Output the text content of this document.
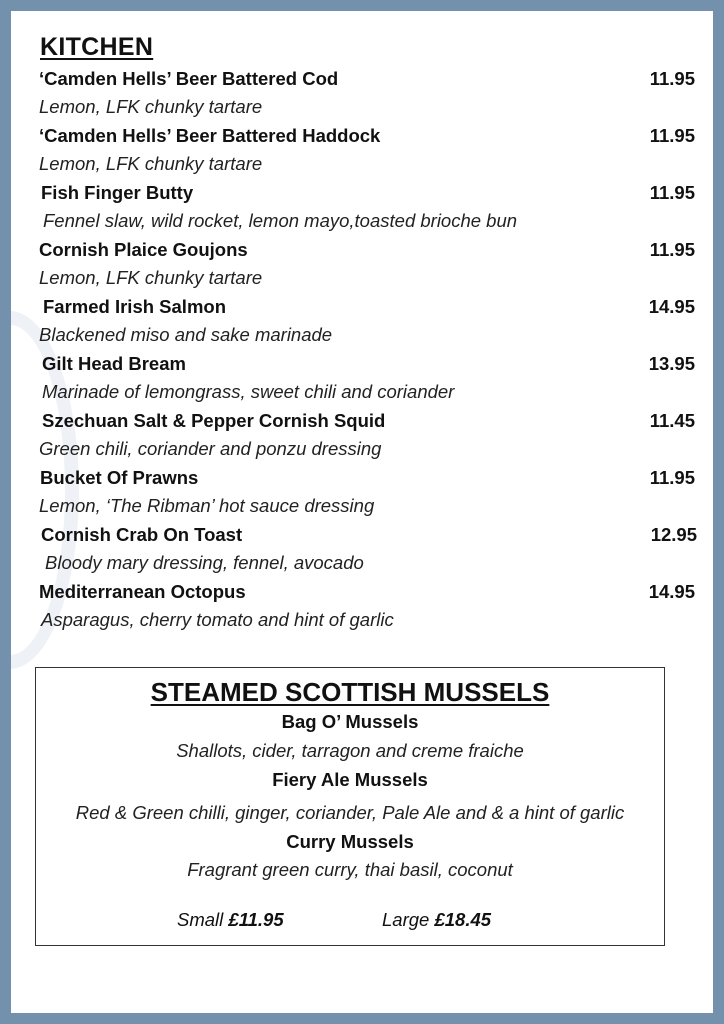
KITCHEN
‘Camden Hells’ Beer Battered Cod	11.95
Lemon, LFK chunky tartare
‘Camden Hells’ Beer Battered Haddock	11.95
Lemon, LFK chunky tartare
Fish Finger Butty	11.95
Fennel slaw, wild rocket, lemon mayo,toasted brioche bun
Cornish Plaice Goujons	11.95
Lemon, LFK chunky tartare
Farmed Irish Salmon	14.95
Blackened miso and sake marinade
Gilt Head Bream	13.95
Marinade of lemongrass, sweet chili and coriander
Szechuan Salt & Pepper Cornish Squid	11.45
Green chili, coriander and ponzu dressing
Bucket Of Prawns	11.95
Lemon, ‘The Ribman’ hot sauce dressing
Cornish Crab On Toast	12.95
Bloody mary dressing, fennel, avocado
Mediterranean Octopus	14.95
Asparagus, cherry tomato and hint of garlic
STEAMED SCOTTISH MUSSELS
Bag O’ Mussels
Shallots, cider, tarragon and creme fraiche
Fiery Ale Mussels
Red & Green chilli, ginger, coriander, Pale Ale and & a hint of garlic
Curry Mussels
Fragrant green curry, thai basil, coconut
Small £11.95	Large £18.45
